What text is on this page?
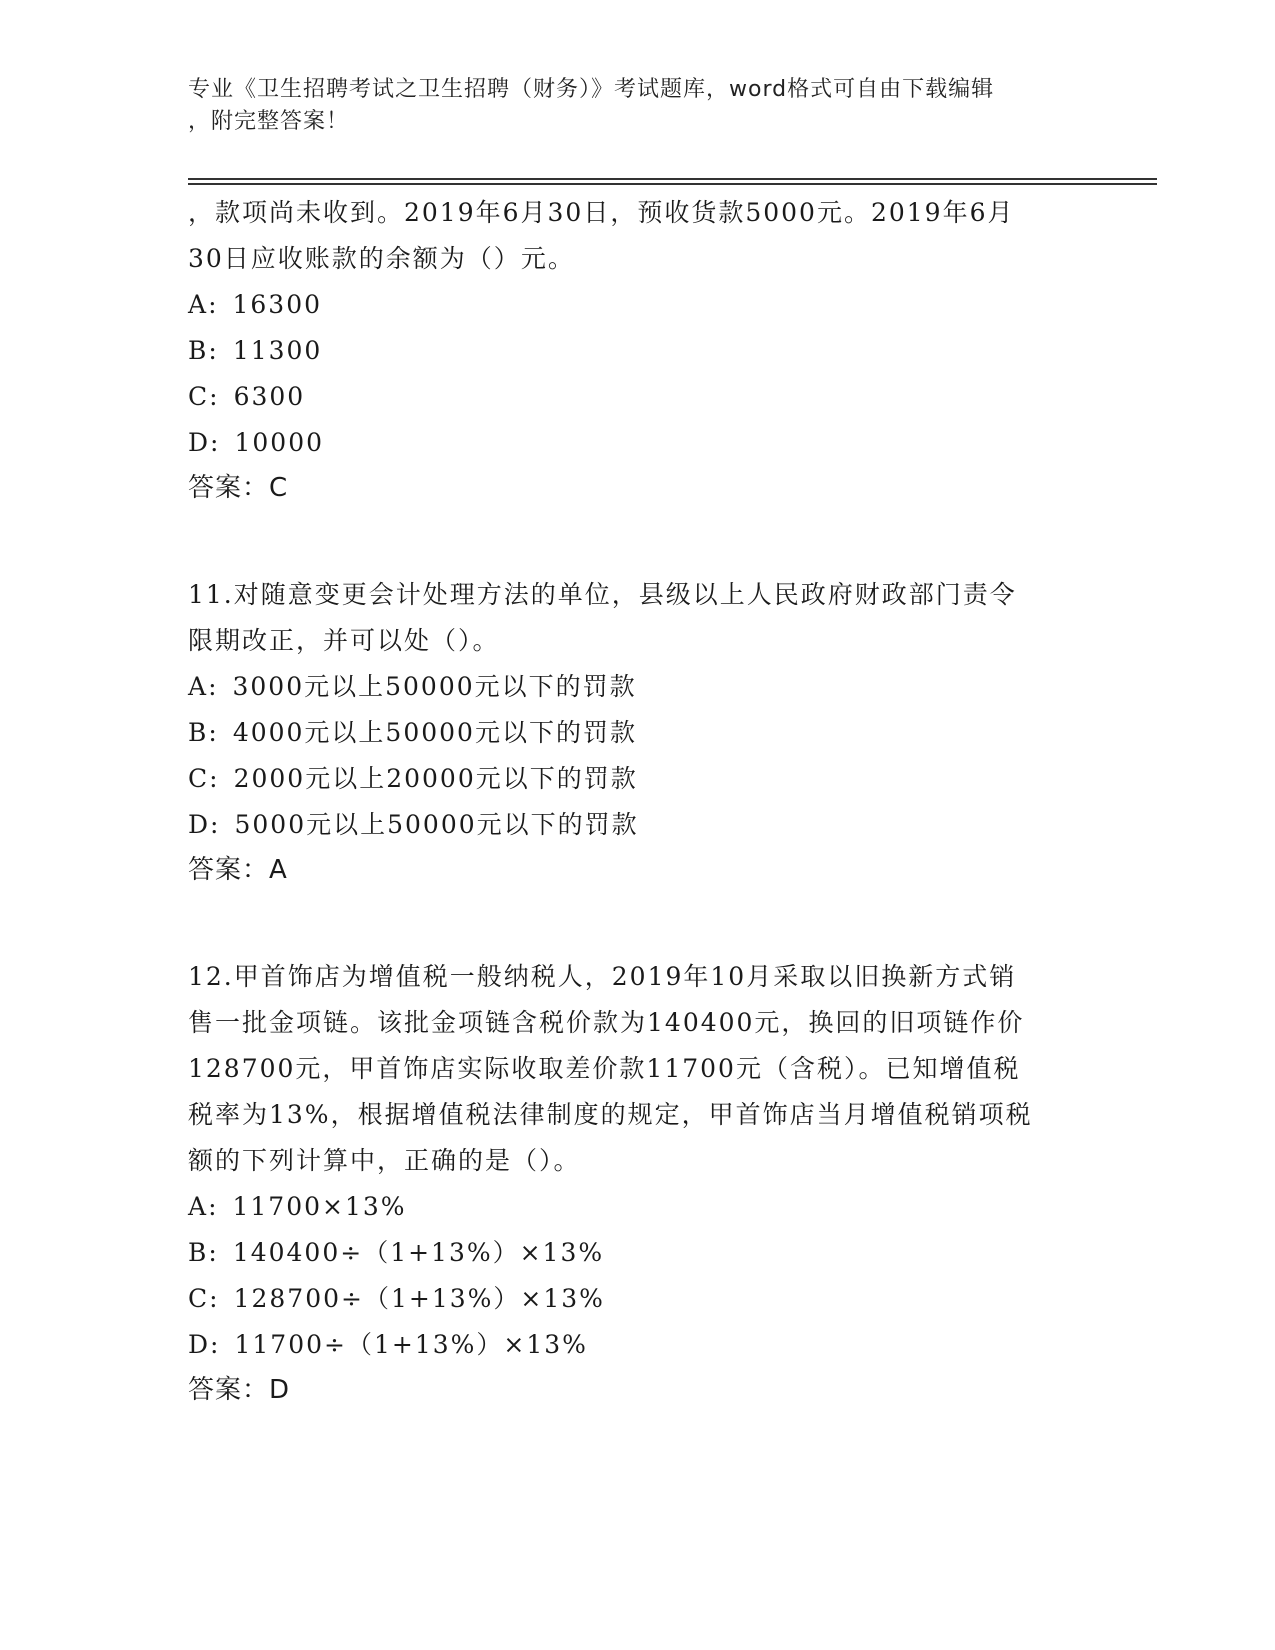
专业《卫生招聘考试之卫生招聘（财务）》考试题库，word格式可自由下载编辑
，附完整答案！
，款项尚未收到。2019年6月30日，预收货款5000元。2019年6月
30日应收账款的余额为（）元。
A: 16300
B: 11300
C: 6300
D: 10000
答案：C
11.对随意变更会计处理方法的单位，县级以上人民政府财政部门责令
限期改正，并可以处（）。
A: 3000元以上50000元以下的罚款
B: 4000元以上50000元以下的罚款
C: 2000元以上20000元以下的罚款
D: 5000元以上50000元以下的罚款
答案：A
12.甲首饰店为增值税一般纳税人，2019年10月采取以旧换新方式销
售一批金项链。该批金项链含税价款为140400元，换回的旧项链作价
128700元，甲首饰店实际收取差价款11700元（含税）。已知增值税
税率为13%，根据增值税法律制度的规定，甲首饰店当月增值税销项税
额的下列计算中，正确的是（）。
A: 11700×13%
B: 140400÷（1+13%）×13%
C: 128700÷（1+13%）×13%
D: 11700÷（1+13%）×13%
答案：D
